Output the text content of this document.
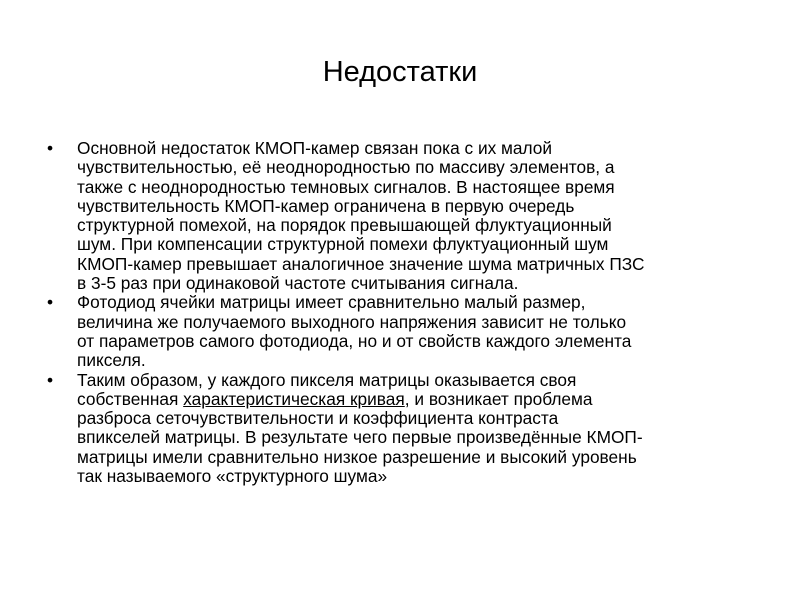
Недостатки
• Основной недостаток КМОП-камер связан пока с их малой
чувствительностью, её неоднородностью по массиву элементов, а
также с неоднородностью темновых сигналов. В настоящее время
чувствительность КМОП-камер ограничена в первую очередь
структурной помехой, на порядок превышающей флуктуационный
шум. При компенсации структурной помехи флуктуационный шум
КМОП-камер превышает аналогичное значение шума матричных ПЗС
в 3-5 раз при одинаковой частоте считывания сигнала.
• Фотодиод ячейки матрицы имеет сравнительно малый размер,
величина же получаемого выходного напряжения зависит не только
от параметров самого фотодиода, но и от свойств каждого элемента
пикселя.
• Таким образом, у каждого пикселя матрицы оказывается своя
собственная характеристическая кривая, и возникает проблема
разброса сеточувствительности и коэффициента контраста
впикселей матрицы. В результате чего первые произведённые КМОП-
матрицы имели сравнительно низкое разрешение и высокий уровень
так называемого «структурного шума»
